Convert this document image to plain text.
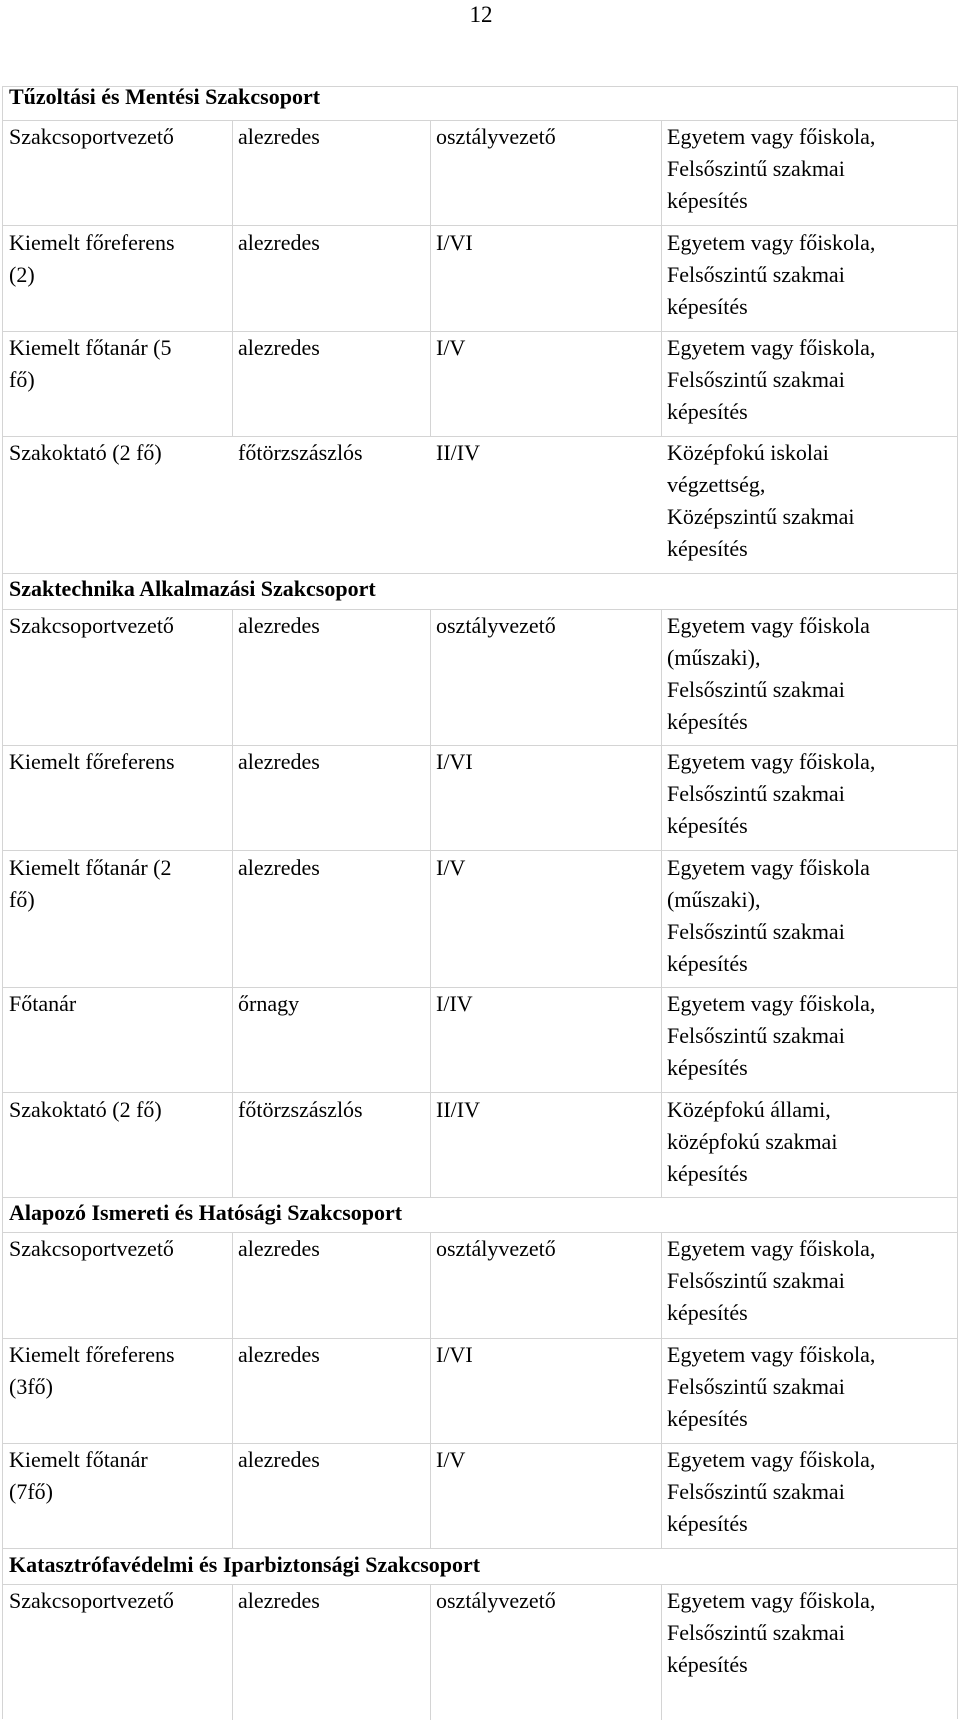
12
Tűzoltási és Mentési Szakcsoport
Szakcsoportvezető	alezredes	osztályvezető	Egyetem vagy főiskola,
Felsőszintű szakmai
képesítés
Kiemelt főreferens
(2)
alezredes	I/VI	Egyetem vagy főiskola,
Felsőszintű szakmai
képesítés
Kiemelt főtanár (5
fő)
alezredes	I/V	Egyetem vagy főiskola,
Felsőszintű szakmai
képesítés
Szakoktató (2 fő)	főtörzszászlós	II/IV	Középfokú iskolai
végzettség,
Középszintű szakmai
képesítés
Szaktechnika Alkalmazási Szakcsoport
Szakcsoportvezető	alezredes	osztályvezető	Egyetem vagy főiskola
(műszaki),
Felsőszintű szakmai
képesítés
Kiemelt főreferens	alezredes	I/VI	Egyetem vagy főiskola,
Felsőszintű szakmai
képesítés
Kiemelt főtanár (2
fő)
alezredes	I/V	Egyetem vagy főiskola
(műszaki),
Felsőszintű szakmai
képesítés
Főtanár	őrnagy	I/IV	Egyetem vagy főiskola,
Felsőszintű szakmai
képesítés
Szakoktató (2 fő)	főtörzszászlós	II/IV	Középfokú állami,
középfokú szakmai
képesítés
Alapozó Ismereti és Hatósági Szakcsoport
Szakcsoportvezető	alezredes	osztályvezető	Egyetem vagy főiskola,
Felsőszintű szakmai
képesítés
Kiemelt főreferens
(3fő)
alezredes	I/VI	Egyetem vagy főiskola,
Felsőszintű szakmai
képesítés
Kiemelt főtanár
(7fő)
alezredes	I/V	Egyetem vagy főiskola,
Felsőszintű szakmai
képesítés
Katasztrófavédelmi és Iparbiztonsági Szakcsoport
Szakcsoportvezető	alezredes	osztályvezető	Egyetem vagy főiskola,
Felsőszintű szakmai
képesítés
